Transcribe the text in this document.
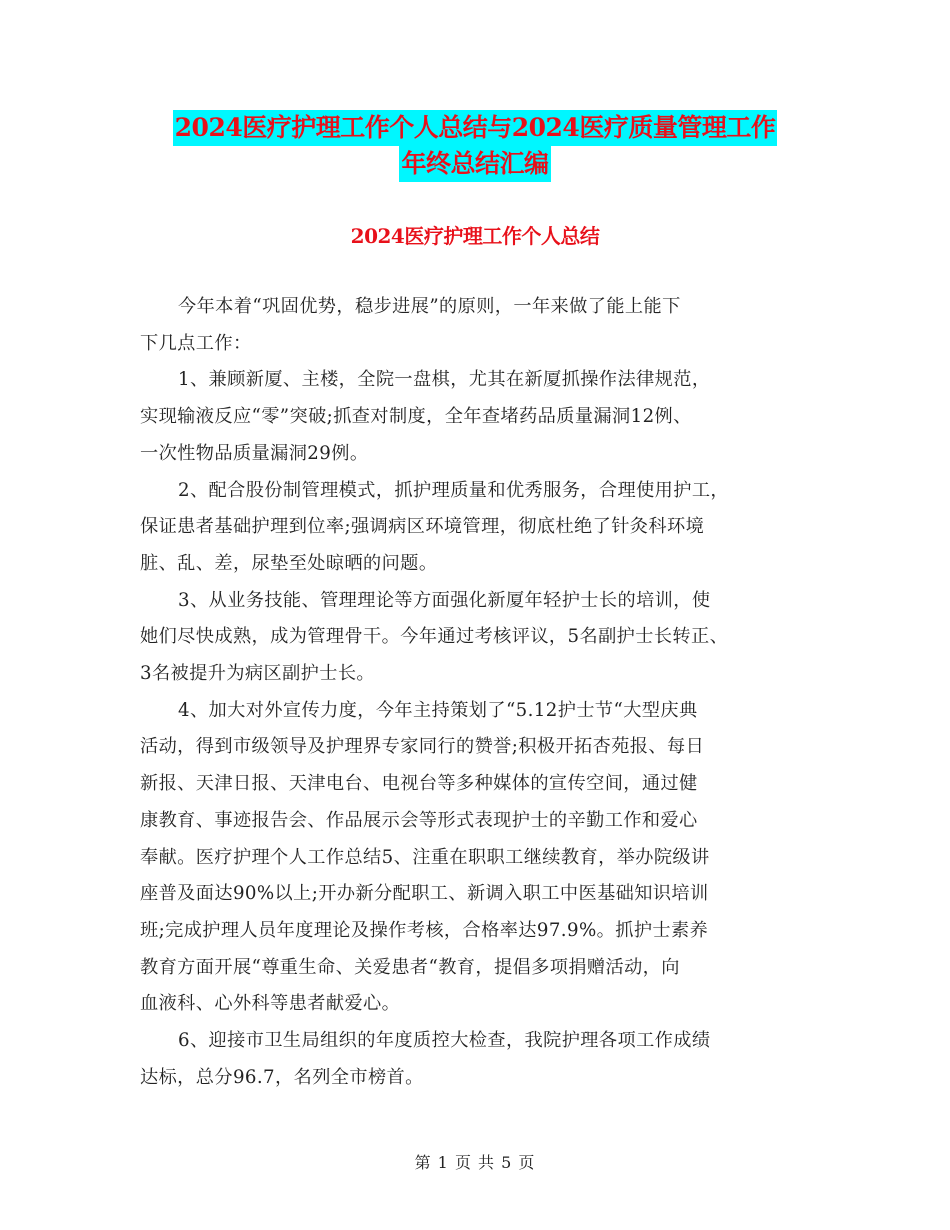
2024医疗护理工作个人总结与2024医疗质量管理工作
年终总结汇编
2024医疗护理工作个人总结

今年本着“巩固优势，稳步进展”的原则，一年来做了能上能下
下几点工作：

1、兼顾新厦、主楼，全院一盘棋，尤其在新厦抓操作法律规范，
实现输液反应“零”突破;抓查对制度，全年查堵药品质量漏洞12例、
一次性物品质量漏洞29例。

2、配合股份制管理模式，抓护理质量和优秀服务，合理使用护工，
保证患者基础护理到位率;强调病区环境管理，彻底杜绝了针灸科环境
脏、乱、差，尿垫至处晾晒的问题。

3、从业务技能、管理理论等方面强化新厦年轻护士长的培训，使
她们尽快成熟，成为管理骨干。今年通过考核评议，5名副护士长转正、
3名被提升为病区副护士长。

4、加大对外宣传力度，今年主持策划了“5.12护士节“大型庆典
活动，得到市级领导及护理界专家同行的赞誉;积极开拓杏苑报、每日
新报、天津日报、天津电台、电视台等多种媒体的宣传空间，通过健
康教育、事迹报告会、作品展示会等形式表现护士的辛勤工作和爱心
奉献。医疗护理个人工作总结5、注重在职职工继续教育，举办院级讲
座普及面达90%以上;开办新分配职工、新调入职工中医基础知识培训
班;完成护理人员年度理论及操作考核，合格率达97.9%。抓护士素养
教育方面开展“尊重生命、关爱患者“教育，提倡多项捐赠活动，向
血液科、心外科等患者献爱心。

6、迎接市卫生局组织的年度质控大检查，我院护理各项工作成绩
达标，总分96.7，名列全市榜首。

第 1 页 共 5 页
